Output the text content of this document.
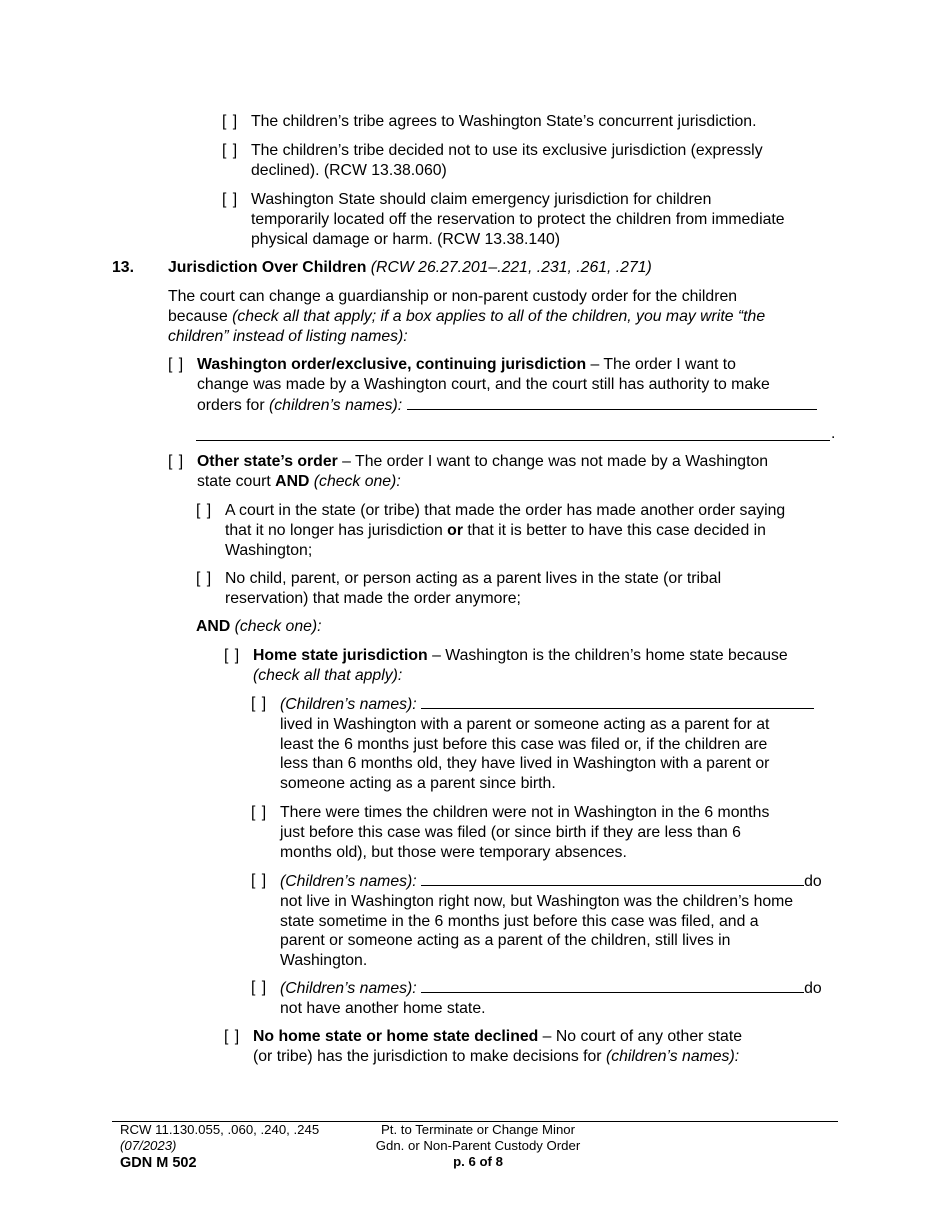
[ ] The children’s tribe agrees to Washington State’s concurrent jurisdiction.
[ ] The children’s tribe decided not to use its exclusive jurisdiction (expressly
declined). (RCW 13.38.060)
[ ] Washington State should claim emergency jurisdiction for children
temporarily located off the reservation to protect the children from immediate
physical damage or harm. (RCW 13.38.140)
13. Jurisdiction Over Children (RCW 26.27.201–.221, .231, .261, .271)
The court can change a guardianship or non-parent custody order for the children
because (check all that apply; if a box applies to all of the children, you may write “the
children” instead of listing names):
[ ] Washington order/exclusive, continuing jurisdiction – The order I want to
change was made by a Washington court, and the court still has authority to make
orders for (children’s names):
.
[ ] Other state’s order – The order I want to change was not made by a Washington
state court AND (check one):
[ ] A court in the state (or tribe) that made the order has made another order saying
that it no longer has jurisdiction or that it is better to have this case decided in
Washington;
[ ] No child, parent, or person acting as a parent lives in the state (or tribal
reservation) that made the order anymore;
AND (check one):
[ ] Home state jurisdiction – Washington is the children’s home state because
(check all that apply):
[ ] (Children’s names):
lived in Washington with a parent or someone acting as a parent for at
least the 6 months just before this case was filed or, if the children are
less than 6 months old, they have lived in Washington with a parent or
someone acting as a parent since birth.
[ ] There were times the children were not in Washington in the 6 months
just before this case was filed (or since birth if they are less than 6
months old), but those were temporary absences.
[ ] (Children’s names):	do
not live in Washington right now, but Washington was the children’s home
state sometime in the 6 months just before this case was filed, and a
parent or someone acting as a parent of the children, still lives in
Washington.
[ ] (Children’s names):	do
not have another home state.
[ ] No home state or home state declined – No court of any other state
(or tribe) has the jurisdiction to make decisions for (children’s names):
RCW 11.130.055, .060, .240, .245
(07/2023)
GDN M 502
Pt. to Terminate or Change Minor
Gdn. or Non-Parent Custody Order
p. 6 of 8
